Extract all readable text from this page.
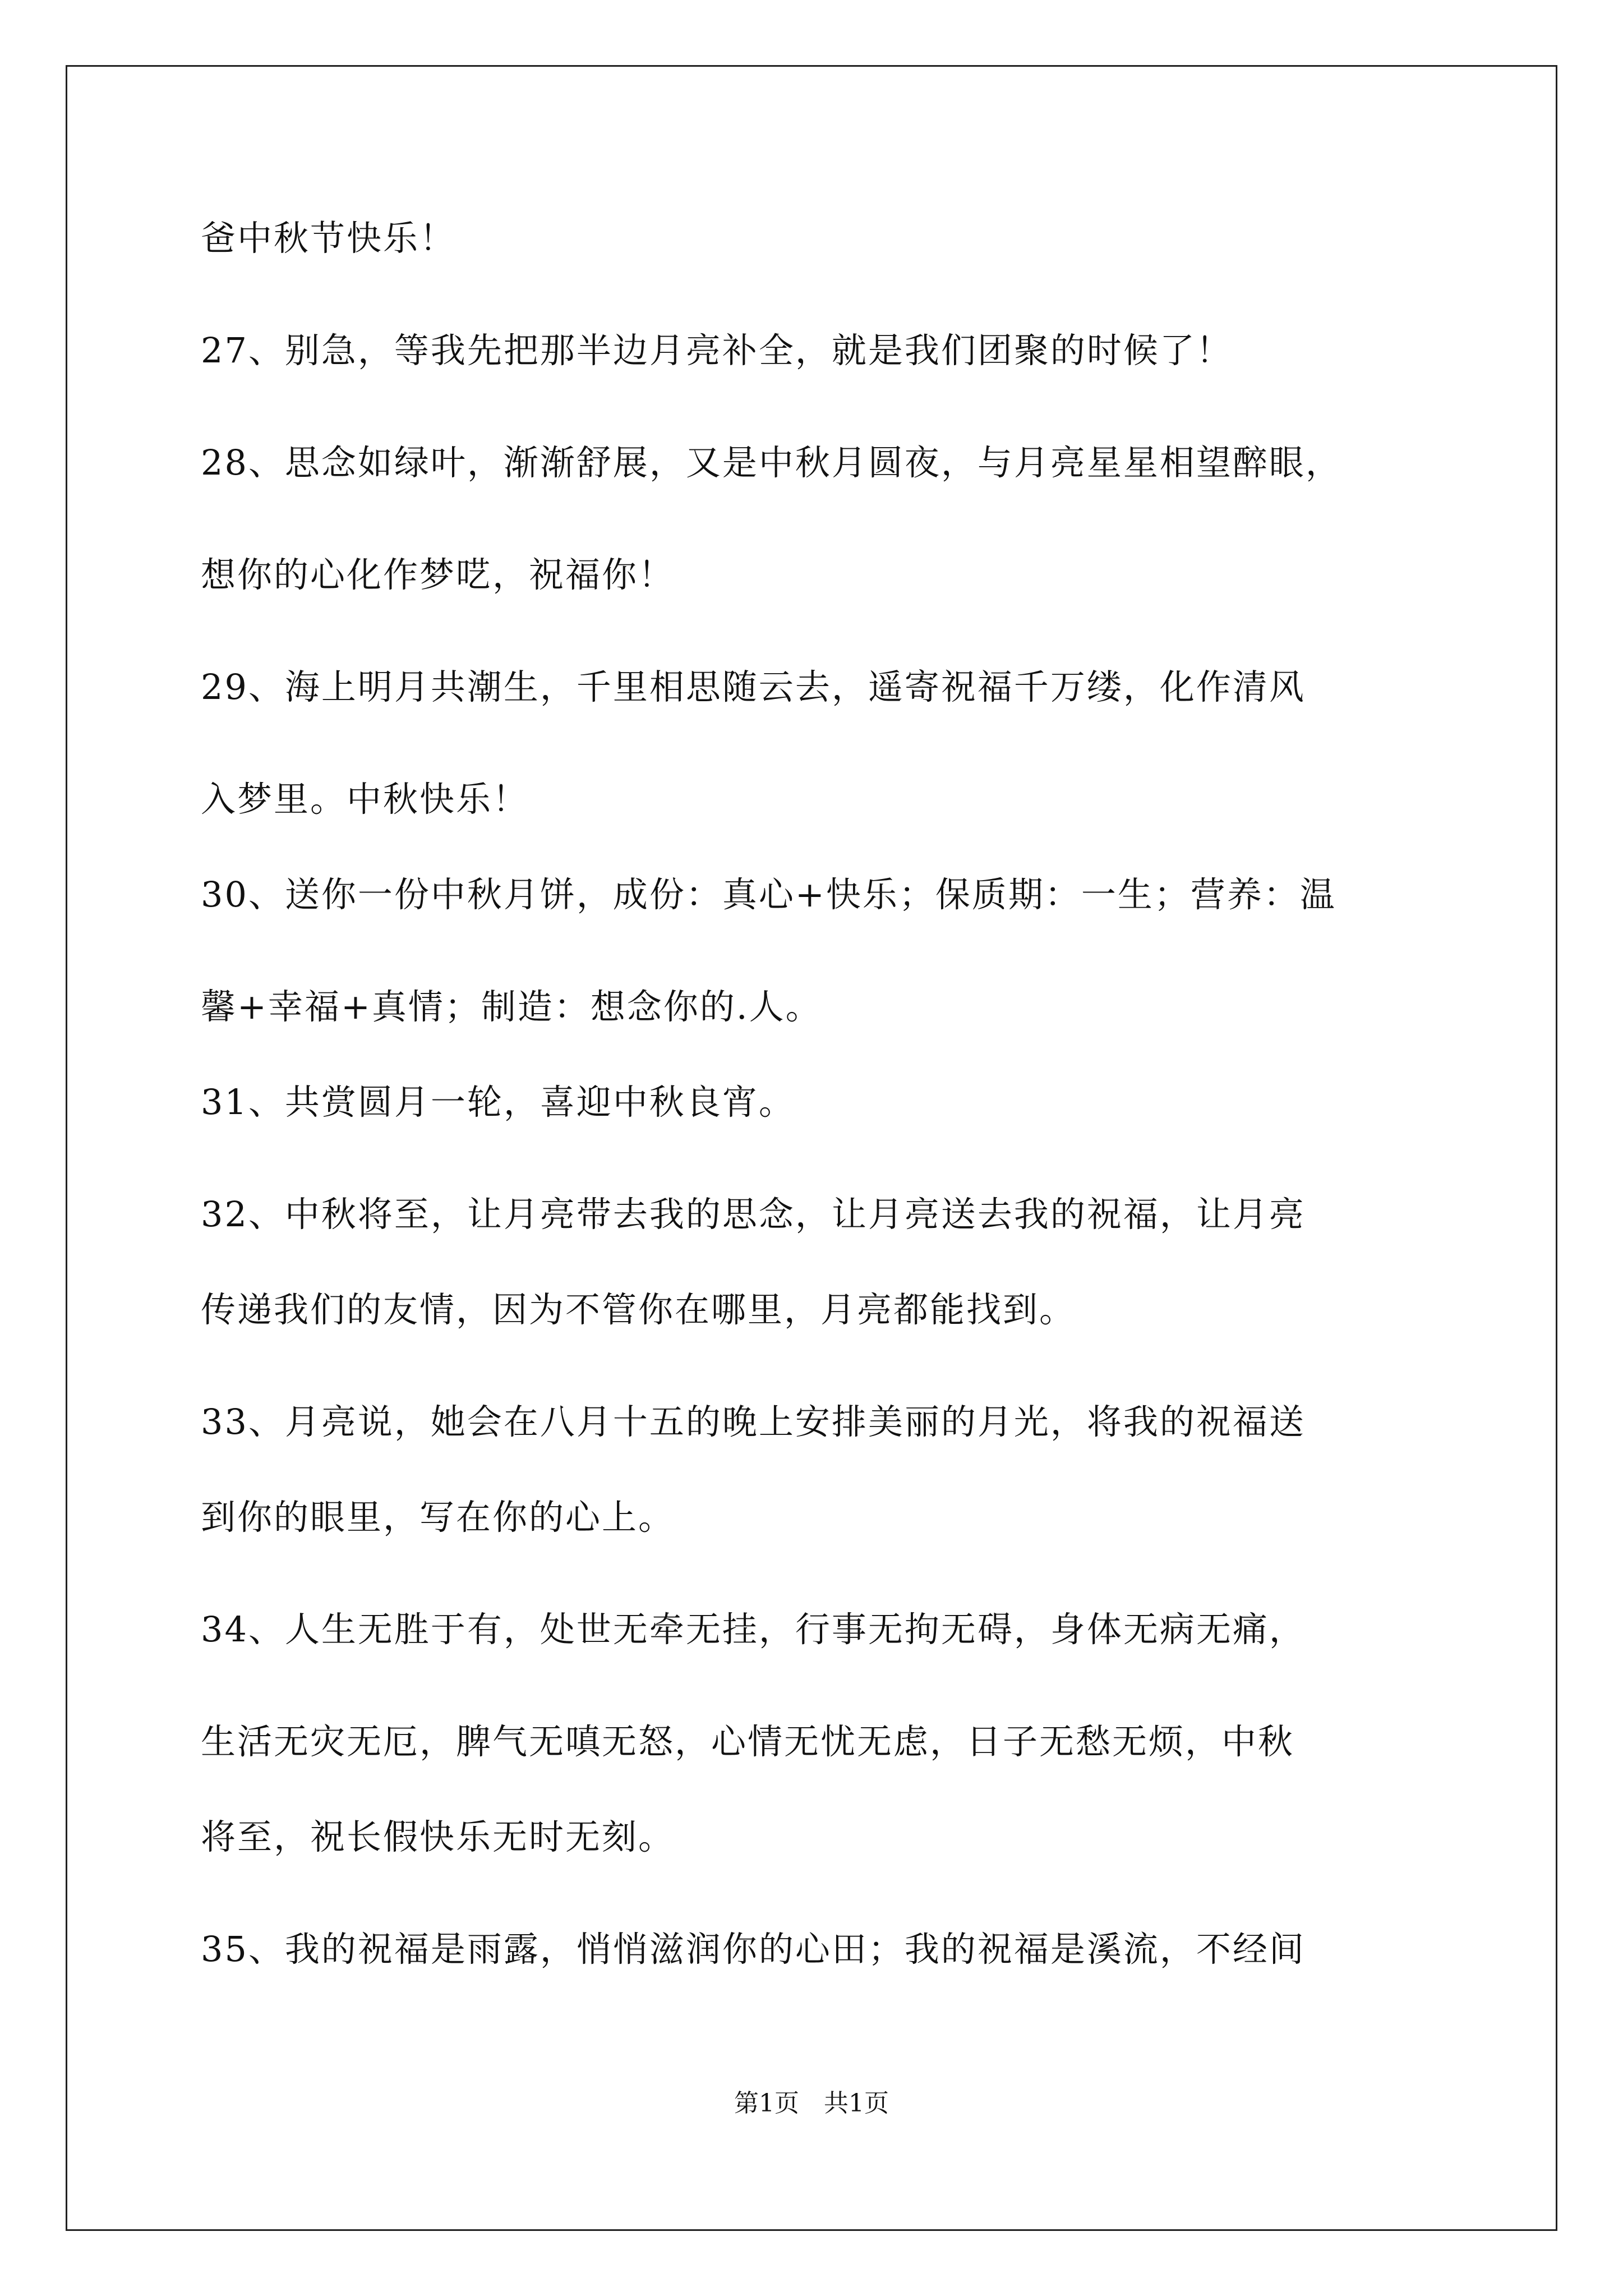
爸中秋节快乐！
27、别急，等我先把那半边月亮补全，就是我们团聚的时候了！
28、思念如绿叶，渐渐舒展，又是中秋月圆夜，与月亮星星相望醉眼，
想你的心化作梦呓，祝福你！
29、海上明月共潮生，千里相思随云去，遥寄祝福千万缕，化作清风
入梦里。中秋快乐！
30、送你一份中秋月饼，成份：真心+快乐；保质期：一生；营养：温
馨+幸福+真情；制造：想念你的.人。
31、共赏圆月一轮，喜迎中秋良宵。
32、中秋将至，让月亮带去我的思念，让月亮送去我的祝福，让月亮
传递我们的友情，因为不管你在哪里，月亮都能找到。
33、月亮说，她会在八月十五的晚上安排美丽的月光，将我的祝福送
到你的眼里，写在你的心上。
34、人生无胜于有，处世无牵无挂，行事无拘无碍，身体无病无痛，
生活无灾无厄，脾气无嗔无怒，心情无忧无虑，日子无愁无烦，中秋
将至，祝长假快乐无时无刻。
35、我的祝福是雨露，悄悄滋润你的心田；我的祝福是溪流，不经间
第1页　共1页
